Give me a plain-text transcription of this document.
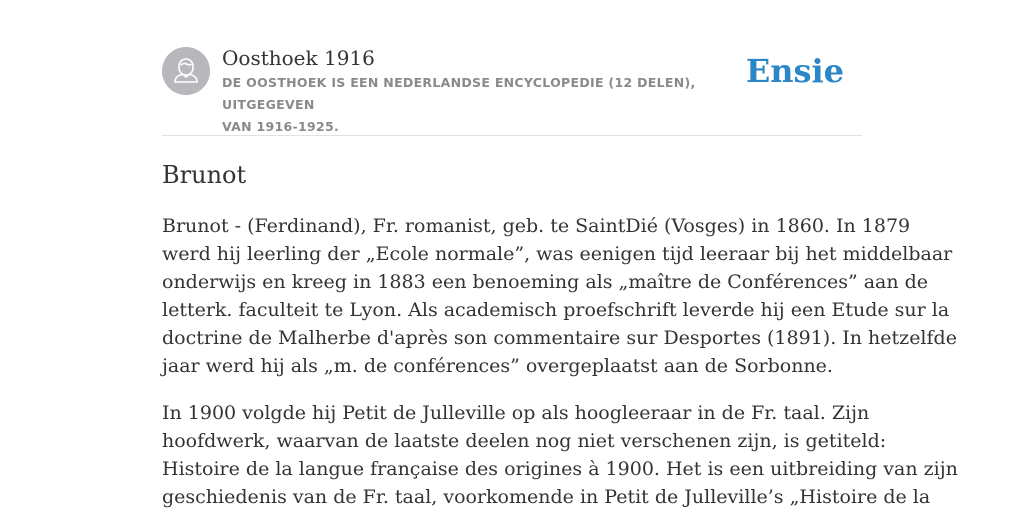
Oosthoek 1916
DE OOSTHOEK IS EEN NEDERLANDSE ENCYCLOPEDIE (12 DELEN), UITGEGEVEN
VAN 1916-1925.
Ensie
Brunot
Brunot - (Ferdinand), Fr. romanist, geb. te SaintDié (Vosges) in 1860. In 1879
werd hij leerling der „Ecole normale”, was eenigen tijd leeraar bij het middelbaar
onderwijs en kreeg in 1883 een benoeming als „maître de Conférences” aan de
letterk. faculteit te Lyon. Als academisch proefschrift leverde hij een Etude sur la
doctrine de Malherbe d'après son commentaire sur Desportes (1891). In hetzelfde
jaar werd hij als „m. de conférences” overgeplaatst aan de Sorbonne.
In 1900 volgde hij Petit de Julleville op als hoogleeraar in de Fr. taal. Zijn
hoofdwerk, waarvan de laatste deelen nog niet verschenen zijn, is getiteld:
Histoire de la langue française des origines à 1900. Het is een uitbreiding van zijn
geschiedenis van de Fr. taal, voorkomende in Petit de Julleville’s „Histoire de la
